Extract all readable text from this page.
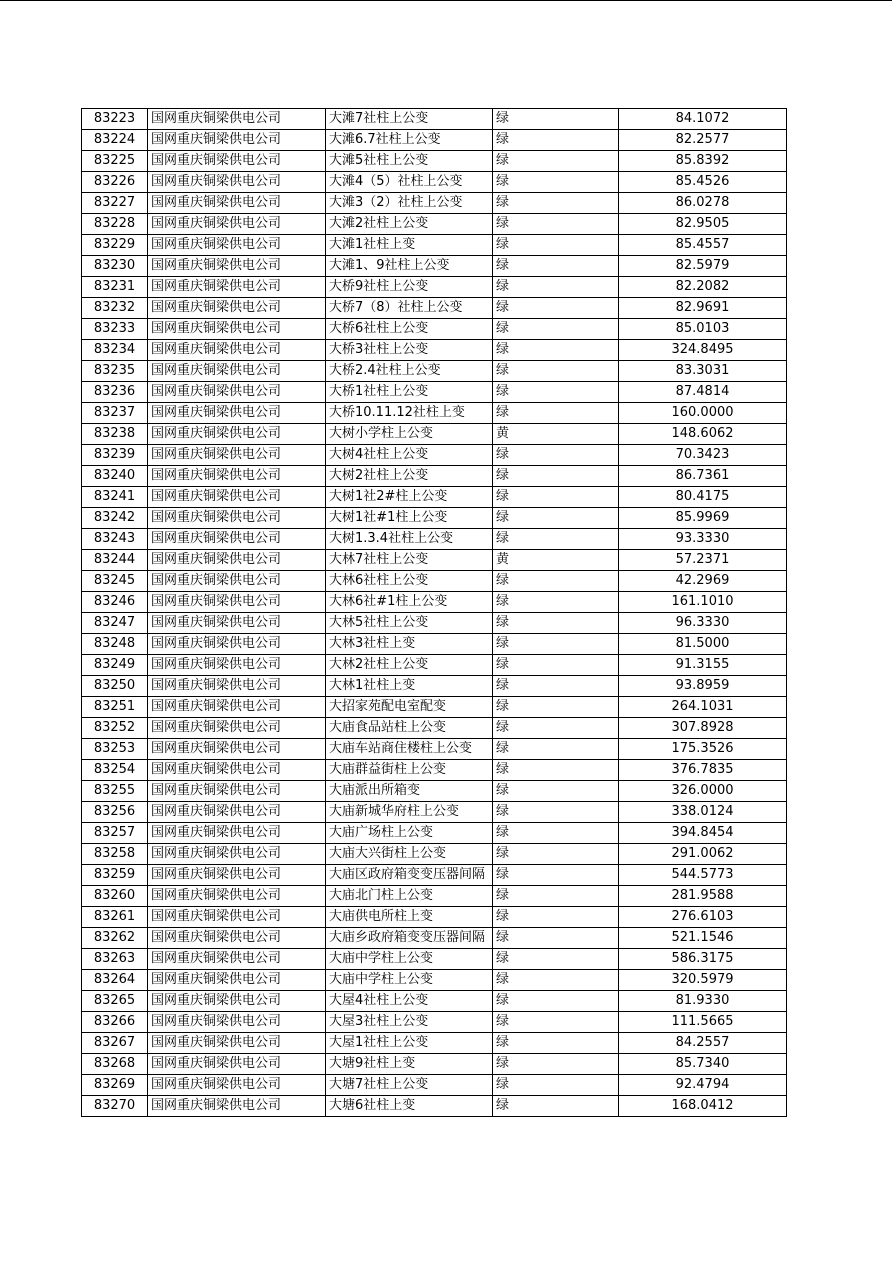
83223	国网重庆铜梁供电公司	大滩7社柱上公变	绿	84.1072
83224	国网重庆铜梁供电公司	大滩6.7社柱上公变	绿	82.2577
83225	国网重庆铜梁供电公司	大滩5社柱上公变	绿	85.8392
83226	国网重庆铜梁供电公司	大滩4（5）社柱上公变	绿	85.4526
83227	国网重庆铜梁供电公司	大滩3（2）社柱上公变	绿	86.0278
83228	国网重庆铜梁供电公司	大滩2社柱上公变	绿	82.9505
83229	国网重庆铜梁供电公司	大滩1社柱上变	绿	85.4557
83230	国网重庆铜梁供电公司	大滩1、9社柱上公变	绿	82.5979
83231	国网重庆铜梁供电公司	大桥9社柱上公变	绿	82.2082
83232	国网重庆铜梁供电公司	大桥7（8）社柱上公变	绿	82.9691
83233	国网重庆铜梁供电公司	大桥6社柱上公变	绿	85.0103
83234	国网重庆铜梁供电公司	大桥3社柱上公变	绿	324.8495
83235	国网重庆铜梁供电公司	大桥2.4社柱上公变	绿	83.3031
83236	国网重庆铜梁供电公司	大桥1社柱上公变	绿	87.4814
83237	国网重庆铜梁供电公司	大桥10.11.12社柱上变	绿	160.0000
83238	国网重庆铜梁供电公司	大树小学柱上公变	黄	148.6062
83239	国网重庆铜梁供电公司	大树4社柱上公变	绿	70.3423
83240	国网重庆铜梁供电公司	大树2社柱上公变	绿	86.7361
83241	国网重庆铜梁供电公司	大树1社2#柱上公变	绿	80.4175
83242	国网重庆铜梁供电公司	大树1社#1柱上公变	绿	85.9969
83243	国网重庆铜梁供电公司	大树1.3.4社柱上公变	绿	93.3330
83244	国网重庆铜梁供电公司	大林7社柱上公变	黄	57.2371
83245	国网重庆铜梁供电公司	大林6社柱上公变	绿	42.2969
83246	国网重庆铜梁供电公司	大林6社#1柱上公变	绿	161.1010
83247	国网重庆铜梁供电公司	大林5社柱上公变	绿	96.3330
83248	国网重庆铜梁供电公司	大林3社柱上变	绿	81.5000
83249	国网重庆铜梁供电公司	大林2社柱上公变	绿	91.3155
83250	国网重庆铜梁供电公司	大林1社柱上变	绿	93.8959
83251	国网重庆铜梁供电公司	大招家苑配电室配变	绿	264.1031
83252	国网重庆铜梁供电公司	大庙食品站柱上公变	绿	307.8928
83253	国网重庆铜梁供电公司	大庙车站商住楼柱上公变	绿	175.3526
83254	国网重庆铜梁供电公司	大庙群益街柱上公变	绿	376.7835
83255	国网重庆铜梁供电公司	大庙派出所箱变	绿	326.0000
83256	国网重庆铜梁供电公司	大庙新城华府柱上公变	绿	338.0124
83257	国网重庆铜梁供电公司	大庙广场柱上公变	绿	394.8454
83258	国网重庆铜梁供电公司	大庙大兴街柱上公变	绿	291.0062
83259	国网重庆铜梁供电公司	大庙区政府箱变变压器间隔	绿	544.5773
83260	国网重庆铜梁供电公司	大庙北门柱上公变	绿	281.9588
83261	国网重庆铜梁供电公司	大庙供电所柱上变	绿	276.6103
83262	国网重庆铜梁供电公司	大庙乡政府箱变变压器间隔	绿	521.1546
83263	国网重庆铜梁供电公司	大庙中学柱上公变	绿	586.3175
83264	国网重庆铜梁供电公司	大庙中学柱上公变	绿	320.5979
83265	国网重庆铜梁供电公司	大屋4社柱上公变	绿	81.9330
83266	国网重庆铜梁供电公司	大屋3社柱上公变	绿	111.5665
83267	国网重庆铜梁供电公司	大屋1社柱上公变	绿	84.2557
83268	国网重庆铜梁供电公司	大塘9社柱上变	绿	85.7340
83269	国网重庆铜梁供电公司	大塘7社柱上公变	绿	92.4794
83270	国网重庆铜梁供电公司	大塘6社柱上变	绿	168.0412
